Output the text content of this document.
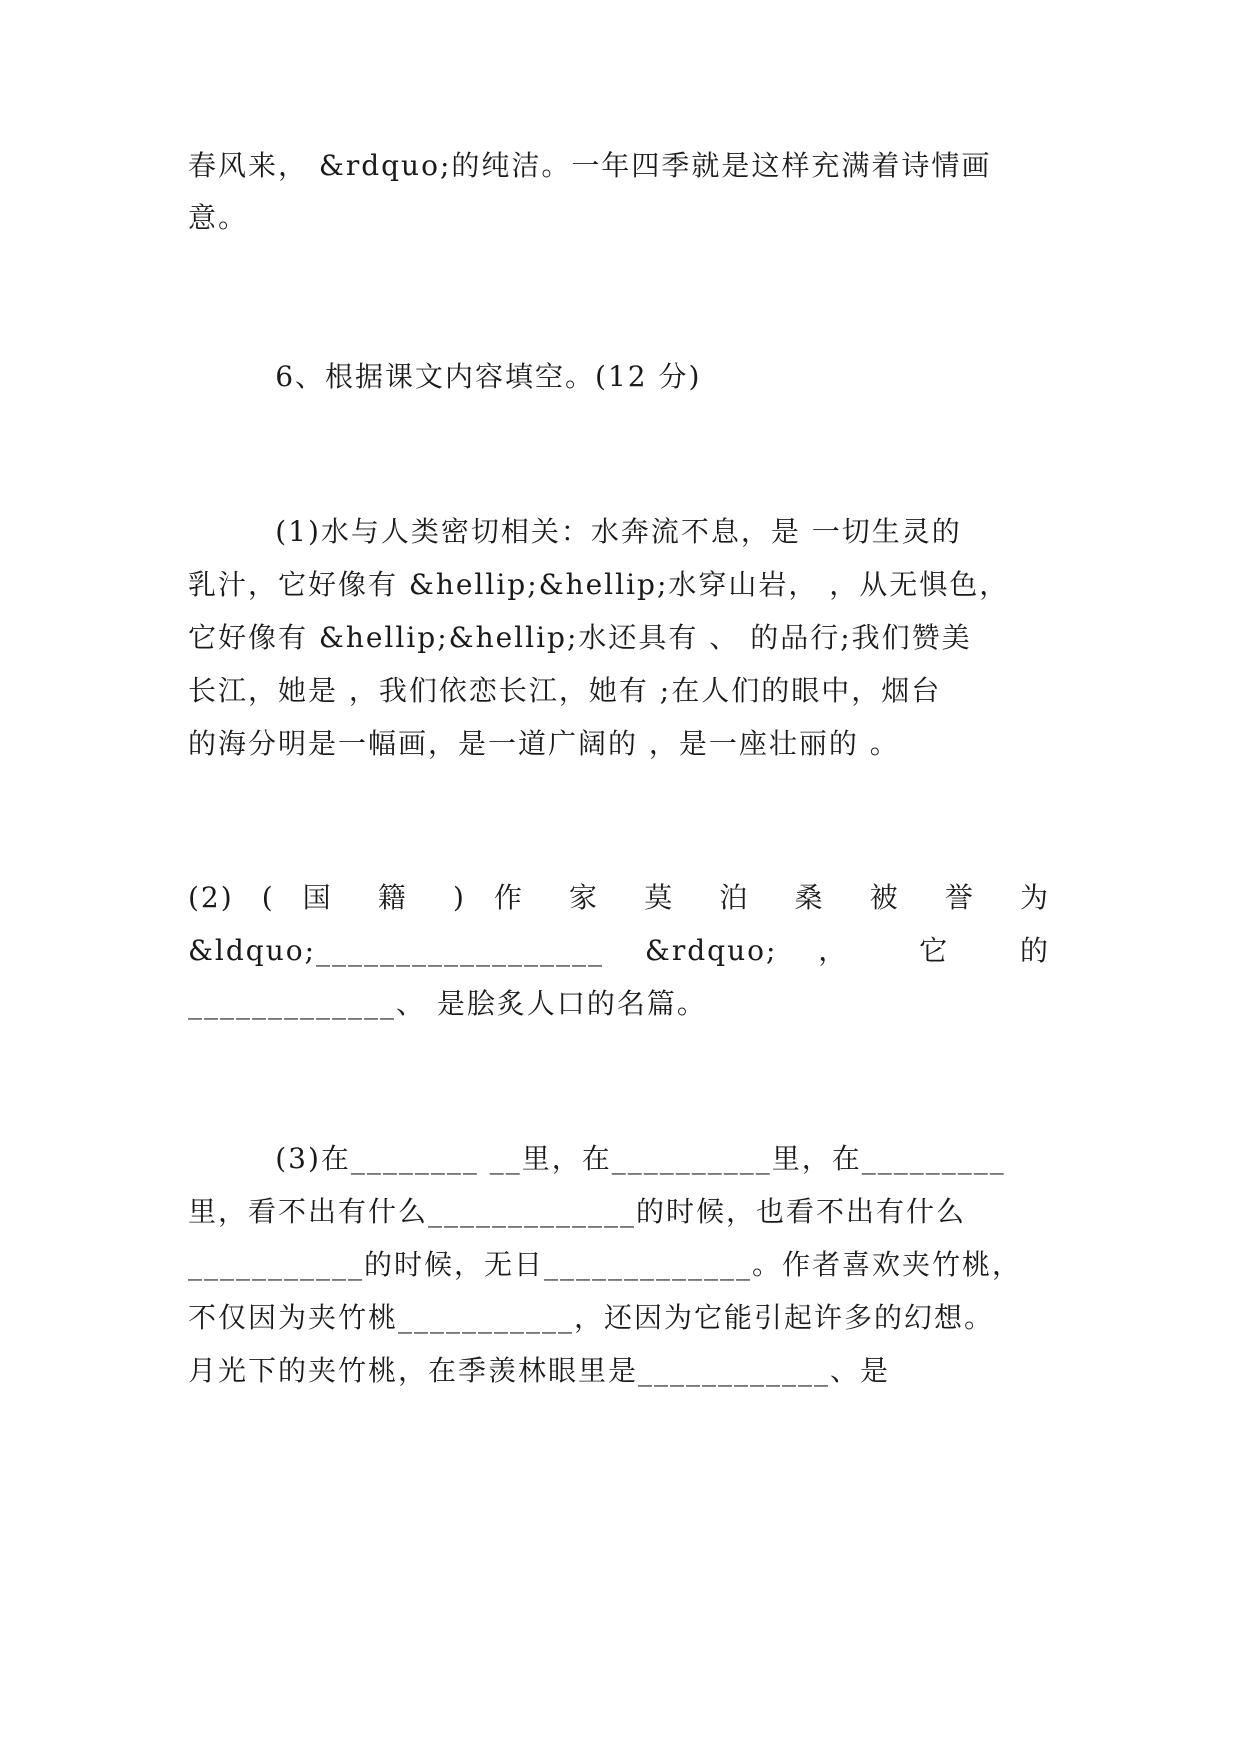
春风来， &rdquo;的纯洁。一年四季就是这样充满着诗情画
意。
6、根据课文内容填空。(12 分)
(1)水与人类密切相关：水奔流不息，是 一切生灵的
乳汁，它好像有 &hellip;&hellip;水穿山岩， ，从无惧色，
它好像有 &hellip;&hellip;水还具有 、 的品行;我们赞美
长江，她是 ，我们依恋长江，她有 ;在人们的眼中，烟台
的海分明是一幅画，是一道广阔的 ，是一座壮丽的 。
(2) ( 国 籍 ) 作 家 莫 泊 桑 被 誉 为
&ldquo;__________________ &rdquo; ， 它 的
_____________、 是脍炙人口的名篇。
(3)在________ __里，在__________里，在_________
里，看不出有什么_____________的时候，也看不出有什么
___________的时候，无日_____________。作者喜欢夹竹桃，
不仅因为夹竹桃___________，还因为它能引起许多的幻想。
月光下的夹竹桃，在季羡林眼里是____________、是
